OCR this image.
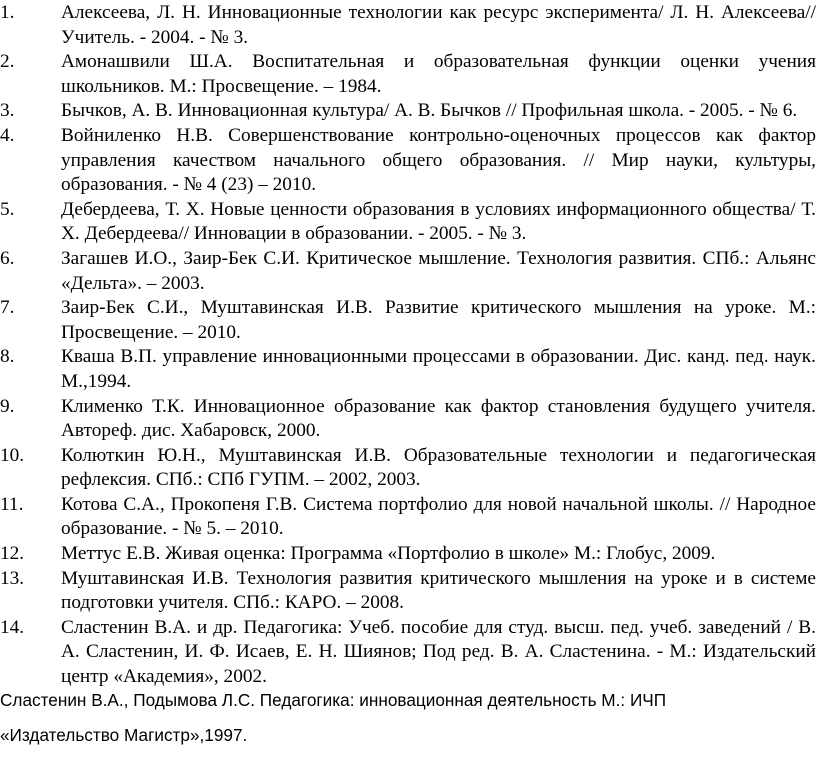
1.	Алексеева, Л. Н. Инновационные технологии как ресурс эксперимента/ Л. Н. Алексеева// Учитель. - 2004. - № 3.
2.	Амонашвили Ш.А. Воспитательная и образовательная функции оценки учения школьников. М.: Просвещение. – 1984.
3.	Бычков, А. В. Инновационная культура/ А. В. Бычков // Профильная школа. - 2005. - № 6.
4.	Войниленко Н.В. Совершенствование контрольно-оценочных процессов как фактор управления качеством начального общего образования. // Мир науки, культуры, образования. - № 4 (23) – 2010.
5.	Дебердеева, Т. Х. Новые ценности образования в условиях информационного общества/ Т. Х. Дебердеева// Инновации в образовании. - 2005. - № 3.
6.	Загашев И.О., Заир-Бек С.И. Критическое мышление. Технология развития. СПб.: Альянс «Дельта». – 2003.
7.	Заир-Бек С.И., Муштавинская И.В. Развитие критического мышления на уроке. М.: Просвещение. – 2010.
8.	Кваша В.П. управление инновационными процессами в образовании. Дис. канд. пед. наук. М.,1994.
9.	Клименко Т.К. Инновационное образование как фактор становления будущего учителя. Автореф. дис. Хабаровск, 2000.
10.	Колюткин Ю.Н., Муштавинская И.В. Образовательные технологии и педагогическая рефлексия. СПб.: СПб ГУПМ. – 2002, 2003.
11.	Котова С.А., Прокопеня Г.В. Система портфолио для новой начальной школы. // Народное образование. - № 5. – 2010.
12.	Меттус Е.В. Живая оценка: Программа «Портфолио в школе» М.: Глобус, 2009.
13.	Муштавинская И.В. Технология развития критического мышления на уроке и в системе подготовки учителя. СПб.: КАРО. – 2008.
14.	Сластенин В.А. и др. Педагогика: Учеб. пособие для студ. высш. пед. учеб. заведений / В. А. Сластенин, И. Ф. Исаев, Е. Н. Шиянов; Под ред. В. А. Сластенина. - М.: Издательский центр «Академия», 2002.
Сластенин В.А., Подымова Л.С. Педагогика: инновационная деятельность М.: ИЧП
«Издательство Магистр»,1997.
